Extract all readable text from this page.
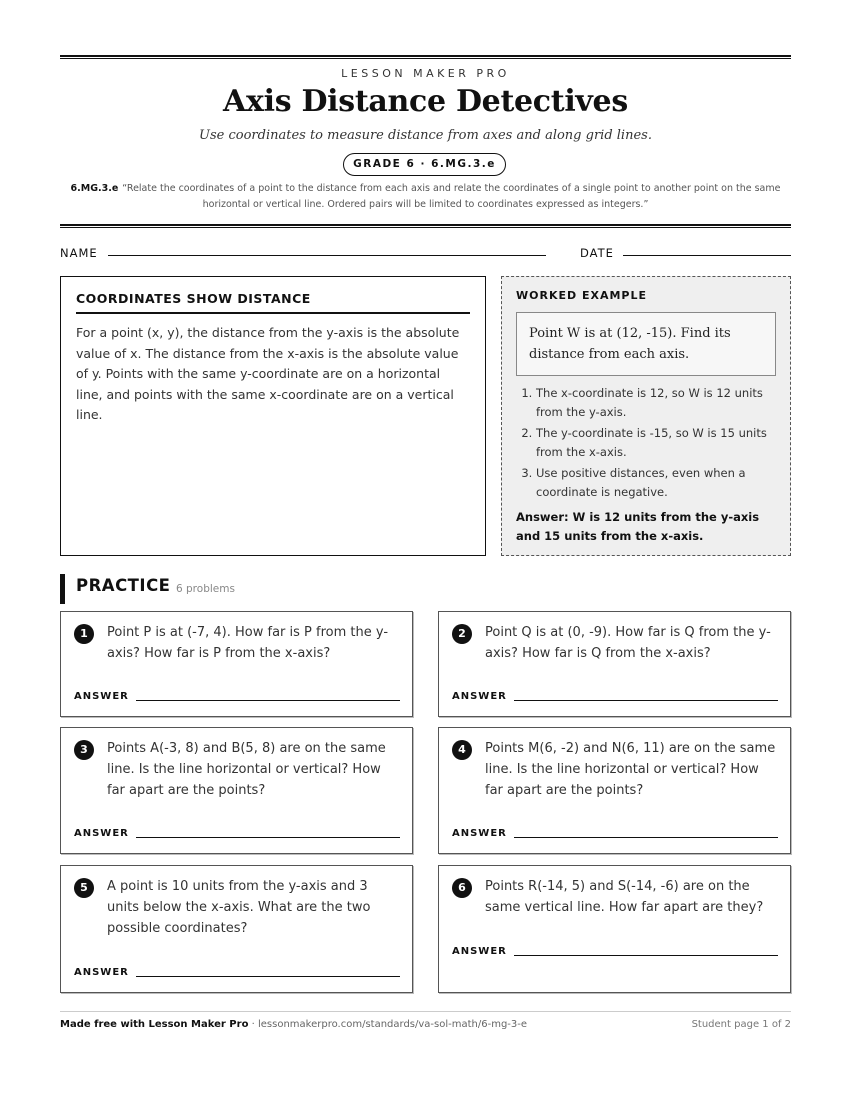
LESSON MAKER PRO
Axis Distance Detectives
Use coordinates to measure distance from axes and along grid lines.
GRADE 6 · 6.MG.3.e
6.MG.3.e “Relate the coordinates of a point to the distance from each axis and relate the coordinates of a single point to another point on the same horizontal or vertical line. Ordered pairs will be limited to coordinates expressed as integers.”
NAME	DATE
COORDINATES SHOW DISTANCE
For a point (x, y), the distance from the y-axis is the absolute value of x. The distance from the x-axis is the absolute value of y. Points with the same y-coordinate are on a horizontal line, and points with the same x-coordinate are on a vertical line.
WORKED EXAMPLE
Point W is at (12, -15). Find its distance from each axis.
1. The x-coordinate is 12, so W is 12 units from the y-axis.
2. The y-coordinate is -15, so W is 15 units from the x-axis.
3. Use positive distances, even when a coordinate is negative.
Answer: W is 12 units from the y-axis and 15 units from the x-axis.
PRACTICE 6 problems
1	Point P is at (-7, 4). How far is P from the y-axis? How far is P from the x-axis?
ANSWER
2	Point Q is at (0, -9). How far is Q from the y-axis? How far is Q from the x-axis?
ANSWER
3	Points A(-3, 8) and B(5, 8) are on the same line. Is the line horizontal or vertical? How far apart are the points?
ANSWER
4	Points M(6, -2) and N(6, 11) are on the same line. Is the line horizontal or vertical? How far apart are the points?
ANSWER
5	A point is 10 units from the y-axis and 3 units below the x-axis. What are the two possible coordinates?
ANSWER
6	Points R(-14, 5) and S(-14, -6) are on the same vertical line. How far apart are they?
ANSWER
Made free with Lesson Maker Pro · lessonmakerpro.com/standards/va-sol-math/6-mg-3-e	Student page 1 of 2
